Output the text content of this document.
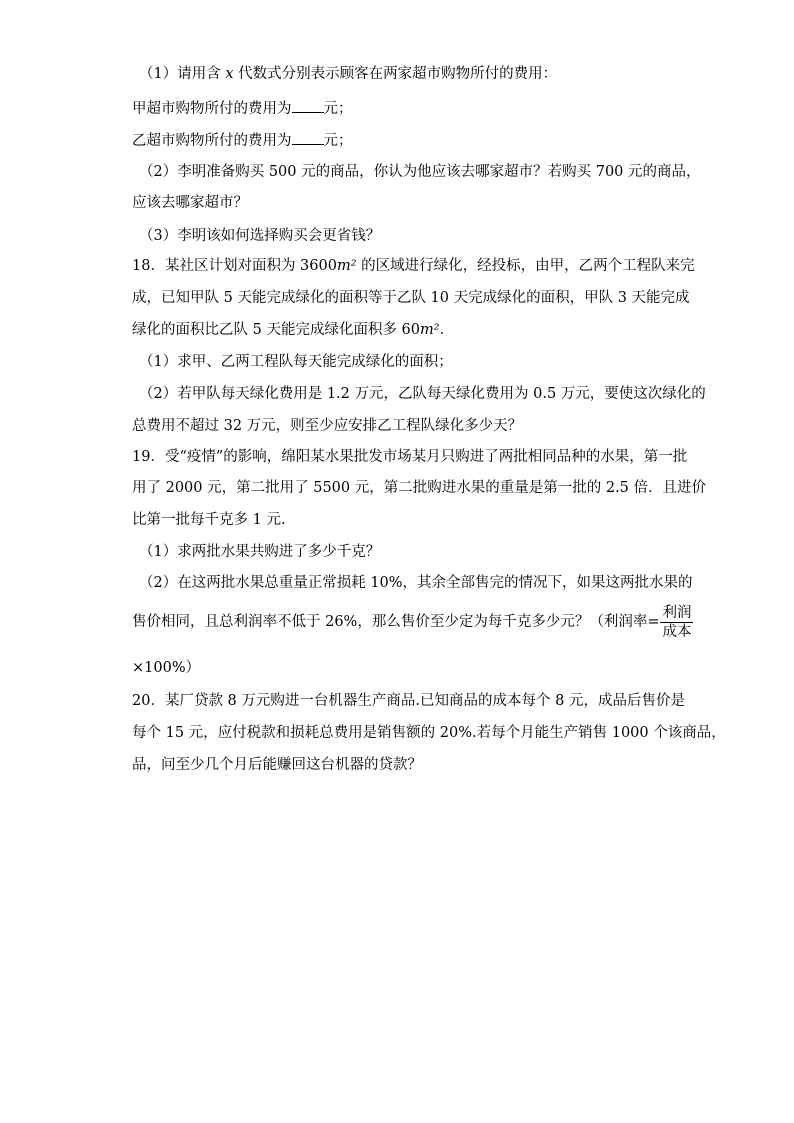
（1）请用含 x 代数式分别表示顾客在两家超市购物所付的费用：
甲超市购物所付的费用为 元；
乙超市购物所付的费用为 元；
（2）李明准备购买 500 元的商品，你认为他应该去哪家超市？若购买 700 元的商品，
应该去哪家超市？
（3）李明该如何选择购买会更省钱？
18．某社区计划对面积为 3600m² 的区域进行绿化，经投标，由甲，乙两个工程队来完
成，已知甲队 5 天能完成绿化的面积等于乙队 10 天完成绿化的面积，甲队 3 天能完成
绿化的面积比乙队 5 天能完成绿化面积多 60m²．
（1）求甲、乙两工程队每天能完成绿化的面积；
（2）若甲队每天绿化费用是 1.2 万元，乙队每天绿化费用为 0.5 万元，要使这次绿化的
总费用不超过 32 万元，则至少应安排乙工程队绿化多少天？
19．受“疫情”的影响，绵阳某水果批发市场某月只购进了两批相同品种的水果，第一批
用了 2000 元，第二批用了 5500 元，第二批购进水果的重量是第一批的 2.5 倍．且进价
比第一批每千克多 1 元．
（1）求两批水果共购进了多少千克？
（2）在这两批水果总重量正常损耗 10%，其余全部售完的情况下，如果这两批水果的
售价相同，且总利润率不低于 26%，那么售价至少定为每千克多少元？（利润率= $\frac{\text{利润}}{\text{成本}}$
×100%）
20．某厂贷款 8 万元购进一台机器生产商品.已知商品的成本每个 8 元，成品后售价是
每个 15 元，应付税款和损耗总费用是销售额的 20%.若每个月能生产销售 1000 个该商品，
品，问至少几个月后能赚回这台机器的贷款？
